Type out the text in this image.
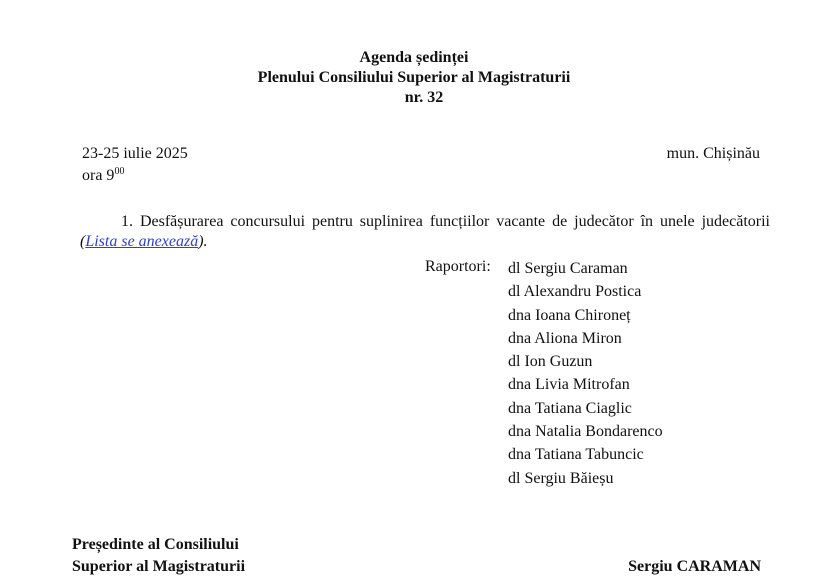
Agenda ședinței
Plenului Consiliului Superior al Magistraturii
nr. 32
23-25 iulie 2025
ora $9^{00}$
mun. Chișinău
1. Desfășurarea concursului pentru suplinirea funcțiilor vacante de judecător în unele judecătorii (Lista se anexează).
Raportori: dl Sergiu Caraman
dl Alexandru Postica
dna Ioana Chironeț
dna Aliona Miron
dl Ion Guzun
dna Livia Mitrofan
dna Tatiana Ciaglic
dna Natalia Bondarenco
dna Tatiana Tabuncic
dl Sergiu Băieșu
Președinte al Consiliului
Superior al Magistraturii	Sergiu CARAMAN
